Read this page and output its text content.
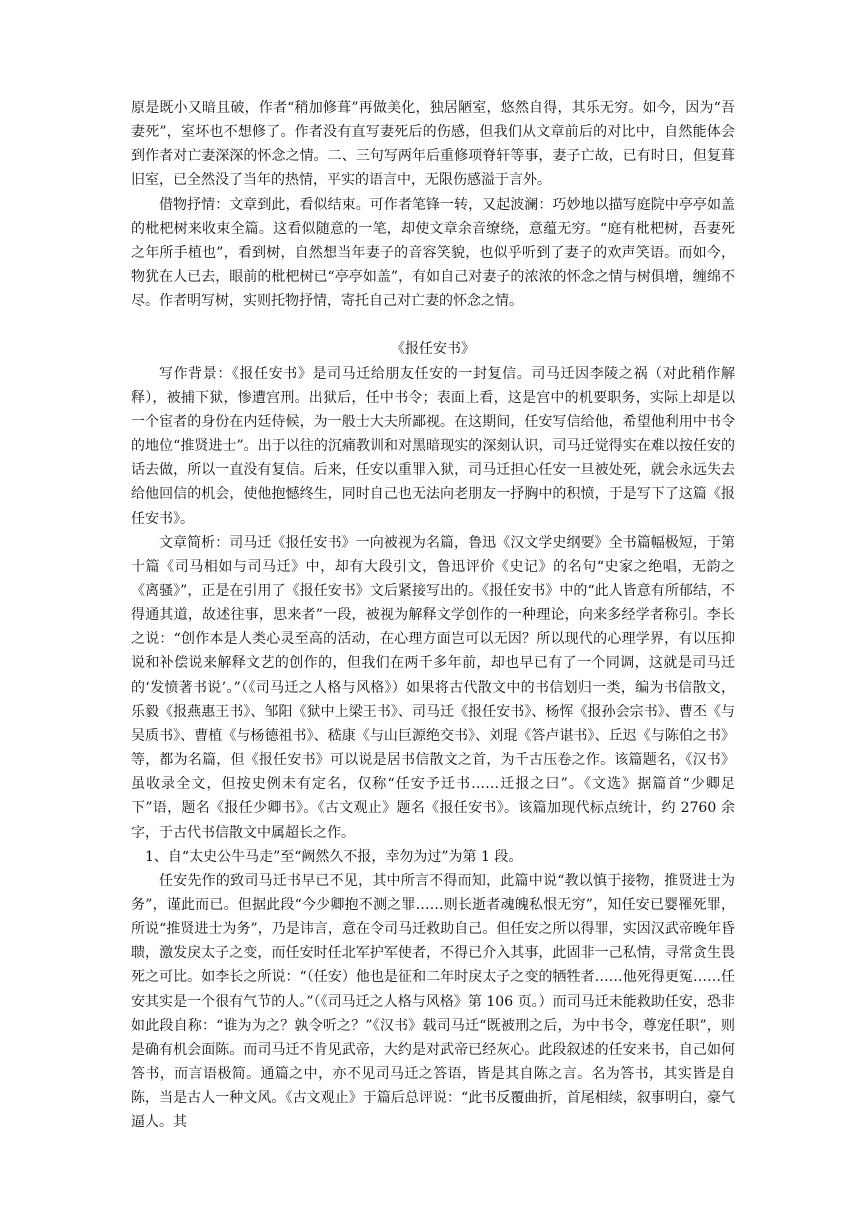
原是既小又暗且破，作者“稍加修葺”再做美化，独居陋室，悠然自得，其乐无穷。如今，因为“吾妻死”，室坏也不想修了。作者没有直写妻死后的伤感，但我们从文章前后的对比中，自然能体会到作者对亡妻深深的怀念之情。二、三句写两年后重修项脊轩等事，妻子亡故，已有时日，但复葺旧室，已全然没了当年的热情，平实的语言中，无限伤感溢于言外。

借物抒情：文章到此，看似结束。可作者笔锋一转，又起波澜：巧妙地以描写庭院中亭亭如盖的枇杷树来收束全篇。这看似随意的一笔，却使文章余音缭绕，意蕴无穷。“庭有枇杷树，吾妻死之年所手植也”，看到树，自然想当年妻子的音容笑貌，也似乎听到了妻子的欢声笑语。而如今，物犹在人已去，眼前的枇杷树已“亭亭如盖”，有如自己对妻子的浓浓的怀念之情与树俱增，缠绵不尽。作者明写树，实则托物抒情，寄托自己对亡妻的怀念之情。

《报任安书》

写作背景：《报任安书》是司马迁给朋友任安的一封复信。司马迁因李陵之祸（对此稍作解释），被捕下狱，惨遭宫刑。出狱后，任中书令；表面上看，这是宫中的机要职务，实际上却是以一个宦者的身份在内廷侍候，为一般士大夫所鄙视。在这期间，任安写信给他，希望他利用中书令的地位“推贤进士”。出于以往的沉痛教训和对黑暗现实的深刻认识，司马迁觉得实在难以按任安的话去做，所以一直没有复信。后来，任安以重罪入狱，司马迁担心任安一旦被处死，就会永远失去给他回信的机会，使他抱憾终生，同时自己也无法向老朋友一抒胸中的积愤，于是写下了这篇《报任安书》。

文章简析：司马迁《报任安书》一向被视为名篇，鲁迅《汉文学史纲要》全书篇幅极短，于第十篇《司马相如与司马迁》中，却有大段引文，鲁迅评价《史记》的名句“史家之绝唱，无韵之《离骚》”，正是在引用了《报任安书》文后紧接写出的。《报任安书》中的“此人皆意有所郁结，不得通其道，故述往事，思来者”一段，被视为解释文学创作的一种理论，向来多经学者称引。李长之说：“创作本是人类心灵至高的活动，在心理方面岂可以无因？所以现代的心理学界，有以压抑说和补偿说来解释文艺的创作的，但我们在两千多年前，却也早已有了一个同调，这就是司马迁的‘发愤著书说’。”（《司马迁之人格与风格》）如果将古代散文中的书信划归一类，编为书信散文，乐毅《报燕惠王书》、邹阳《狱中上梁王书》、司马迁《报任安书》、杨恽《报孙会宗书》、曹丕《与吴质书》、曹植《与杨德祖书》、嵇康《与山巨源绝交书》、刘琨《答卢谌书》、丘迟《与陈伯之书》等，都为名篇，但《报任安书》可以说是居书信散文之首，为千古压卷之作。该篇题名，《汉书》虽收录全文，但按史例未有定名，仅称“任安予迁书……迁报之曰”。《文选》据篇首“少卿足下”语，题名《报任少卿书》。《古文观止》题名《报任安书》。该篇加现代标点统计，约 2760 余字，于古代书信散文中属超长之作。

1、自“太史公牛马走”至“阙然久不报，幸勿为过”为第 1 段。

任安先作的致司马迁书早已不见，其中所言不得而知，此篇中说“教以慎于接物，推贤进士为务”，谨此而已。但据此段“今少卿抱不测之罪……则长逝者魂魄私恨无穷”，知任安已婴罹死罪，所说“推贤进士为务”，乃是讳言，意在令司马迁救助自己。但任安之所以得罪，实因汉武帝晚年昏聩，激发戾太子之变，而任安时任北军护军使者，不得已介入其事，此固非一己私情，寻常贪生畏死之可比。如李长之所说：“（任安）他也是征和二年时戾太子之变的牺牲者……他死得更冤……任安其实是一个很有气节的人。”（《司马迁之人格与风格》第 106 页。）而司马迁未能救助任安，恐非如此段自称：“谁为为之？孰令听之？”《汉书》载司马迁“既被刑之后，为中书令，尊宠任职”，则是确有机会面陈。而司马迁不肯见武帝，大约是对武帝已经灰心。此段叙述的任安来书，自己如何答书，而言语极简。通篇之中，亦不见司马迁之答语，皆是其自陈之言。名为答书，其实皆是自陈，当是古人一种文风。《古文观止》于篇后总评说：“此书反覆曲折，首尾相续，叙事明白，豪气逼人。其
